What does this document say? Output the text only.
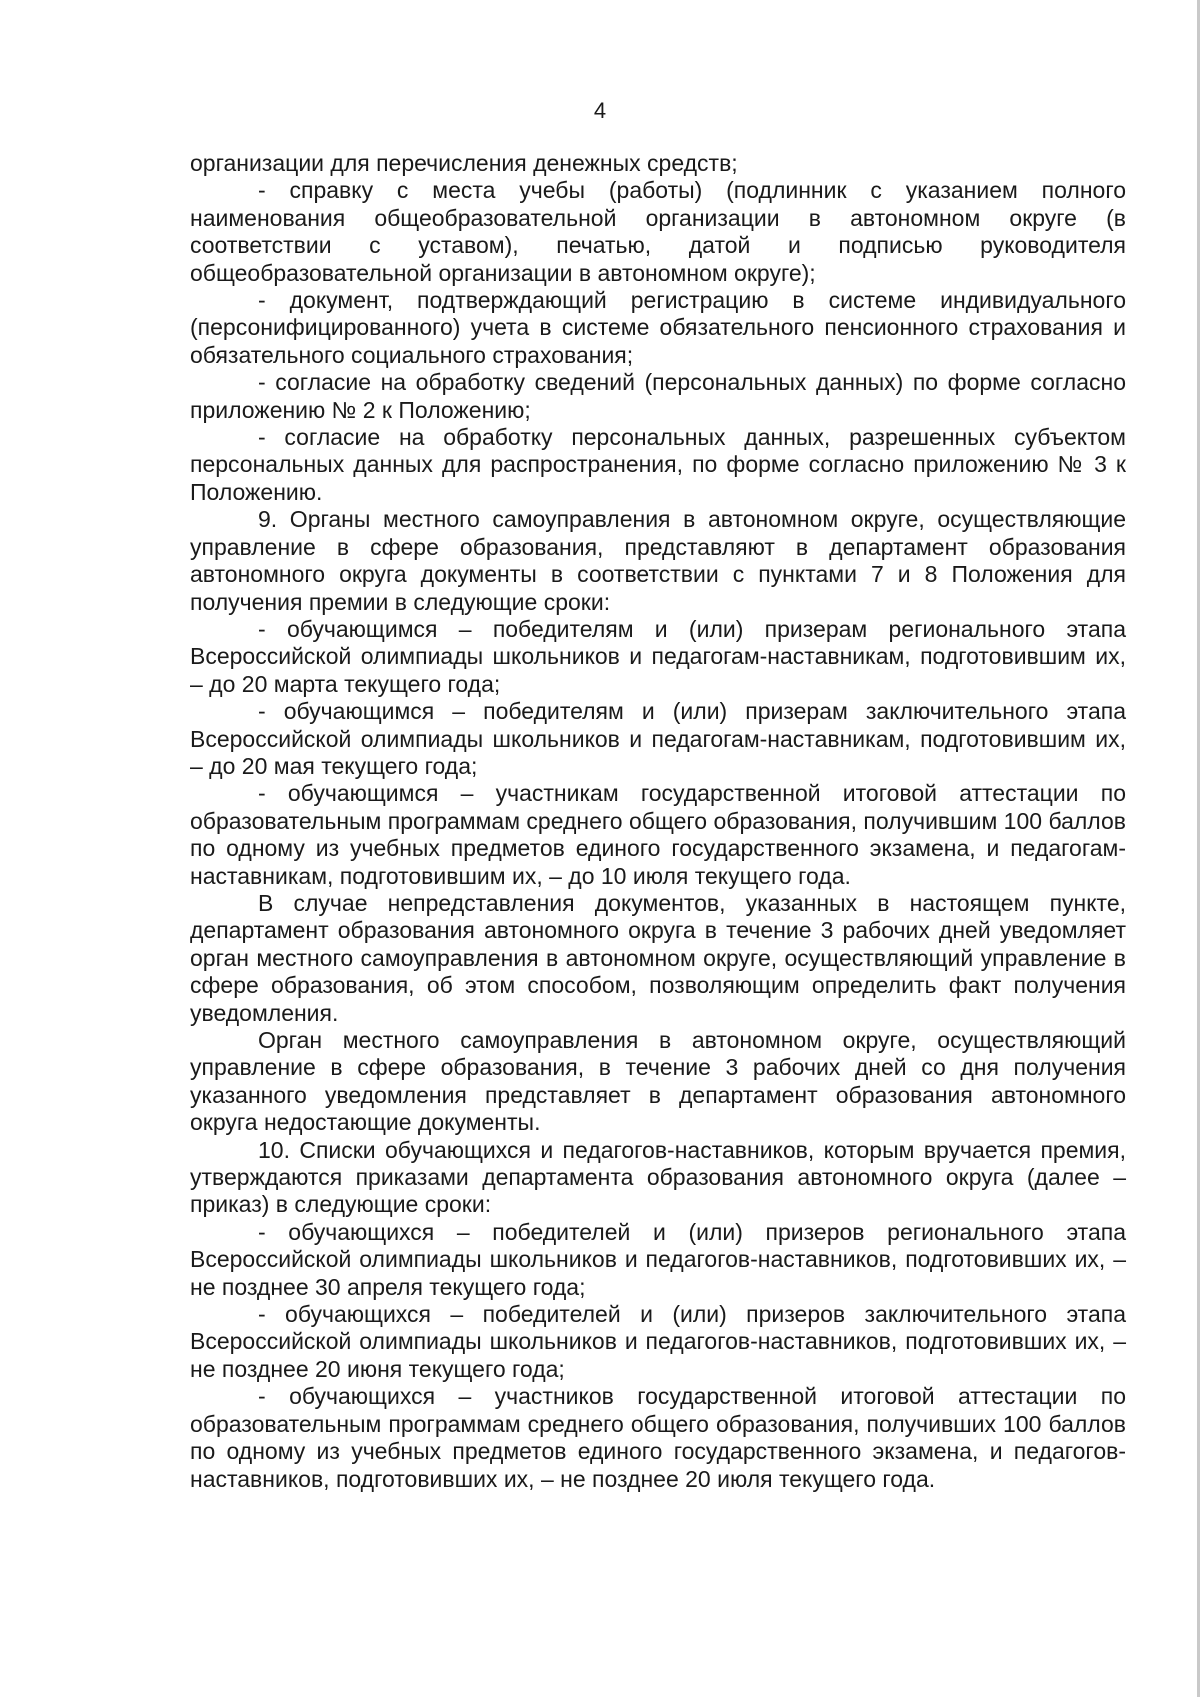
4

организации для перечисления денежных средств;

- справку с места учебы (работы) (подлинник с указанием полного наименования общеобразовательной организации в автономном округе (в соответствии с уставом), печатью, датой и подписью руководителя общеобразовательной организации в автономном округе);

- документ, подтверждающий регистрацию в системе индивидуального (персонифицированного) учета в системе обязательного пенсионного страхования и обязательного социального страхования;

- согласие на обработку сведений (персональных данных) по форме согласно приложению № 2 к Положению;

- согласие на обработку персональных данных, разрешенных субъектом персональных данных для распространения, по форме согласно приложению № 3 к Положению.

9. Органы местного самоуправления в автономном округе, осуществляющие управление в сфере образования, представляют в департамент образования автономного округа документы в соответствии с пунктами 7 и 8 Положения для получения премии в следующие сроки:

- обучающимся – победителям и (или) призерам регионального этапа Всероссийской олимпиады школьников и педагогам-наставникам, подготовившим их, – до 20 марта текущего года;

- обучающимся – победителям и (или) призерам заключительного этапа Всероссийской олимпиады школьников и педагогам-наставникам, подготовившим их, – до 20 мая текущего года;

- обучающимся – участникам государственной итоговой аттестации по образовательным программам среднего общего образования, получившим 100 баллов по одному из учебных предметов единого государственного экзамена, и педагогам-наставникам, подготовившим их, – до 10 июля текущего года.

В случае непредставления документов, указанных в настоящем пункте, департамент образования автономного округа в течение 3 рабочих дней уведомляет орган местного самоуправления в автономном округе, осуществляющий управление в сфере образования, об этом способом, позволяющим определить факт получения уведомления.

Орган местного самоуправления в автономном округе, осуществляющий управление в сфере образования, в течение 3 рабочих дней со дня получения указанного уведомления представляет в департамент образования автономного округа недостающие документы.

10. Списки обучающихся и педагогов-наставников, которым вручается премия, утверждаются приказами департамента образования автономного округа (далее – приказ) в следующие сроки:

- обучающихся – победителей и (или) призеров регионального этапа Всероссийской олимпиады школьников и педагогов-наставников, подготовивших их, – не позднее 30 апреля текущего года;

- обучающихся – победителей и (или) призеров заключительного этапа Всероссийской олимпиады школьников и педагогов-наставников, подготовивших их, – не позднее 20 июня текущего года;

- обучающихся – участников государственной итоговой аттестации по образовательным программам среднего общего образования, получивших 100 баллов по одному из учебных предметов единого государственного экзамена, и педагогов-наставников, подготовивших их, – не позднее 20 июля текущего года.
